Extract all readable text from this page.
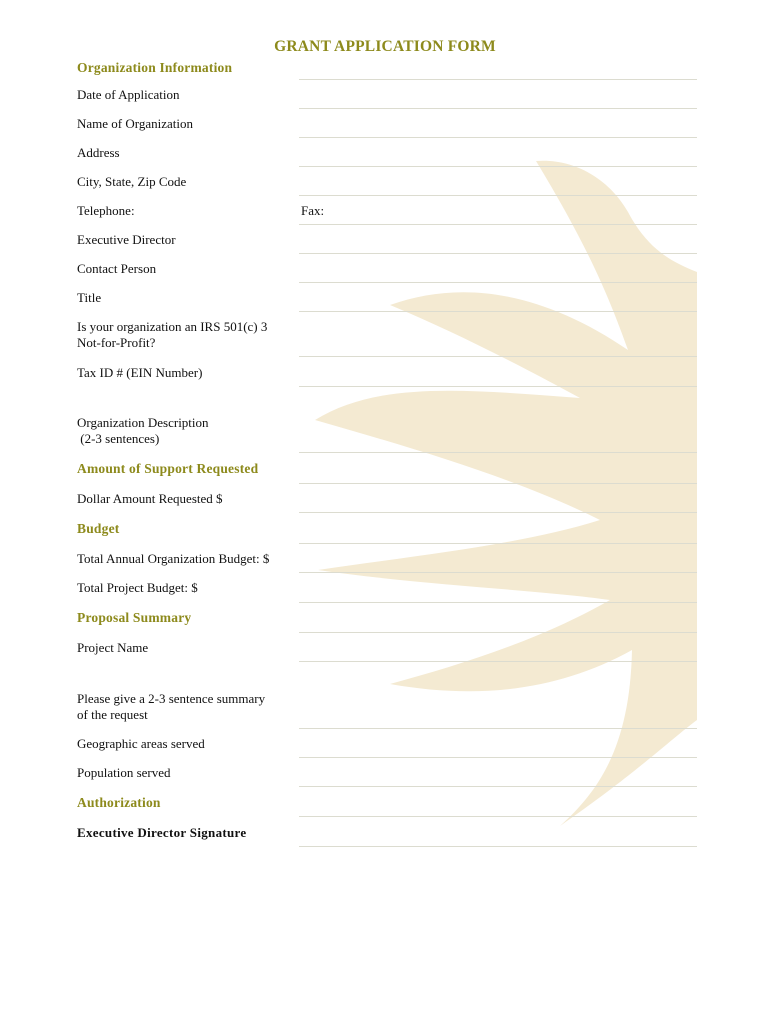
GRANT APPLICATION FORM
Organization Information
Date of Application
Name of Organization
Address
City, State, Zip Code
Telephone:	Fax:
Executive Director
Contact Person
Title
Is your organization an IRS 501(c) 3
Not-for-Profit?
Tax ID # (EIN Number)
Organization Description
(2-3 sentences)
Amount of Support Requested
Dollar Amount Requested $
Budget
Total Annual Organization Budget: $
Total Project Budget: $
Proposal Summary
Project Name
Please give a 2-3 sentence summary
of the request
Geographic areas served
Population served
Authorization
Executive Director Signature
